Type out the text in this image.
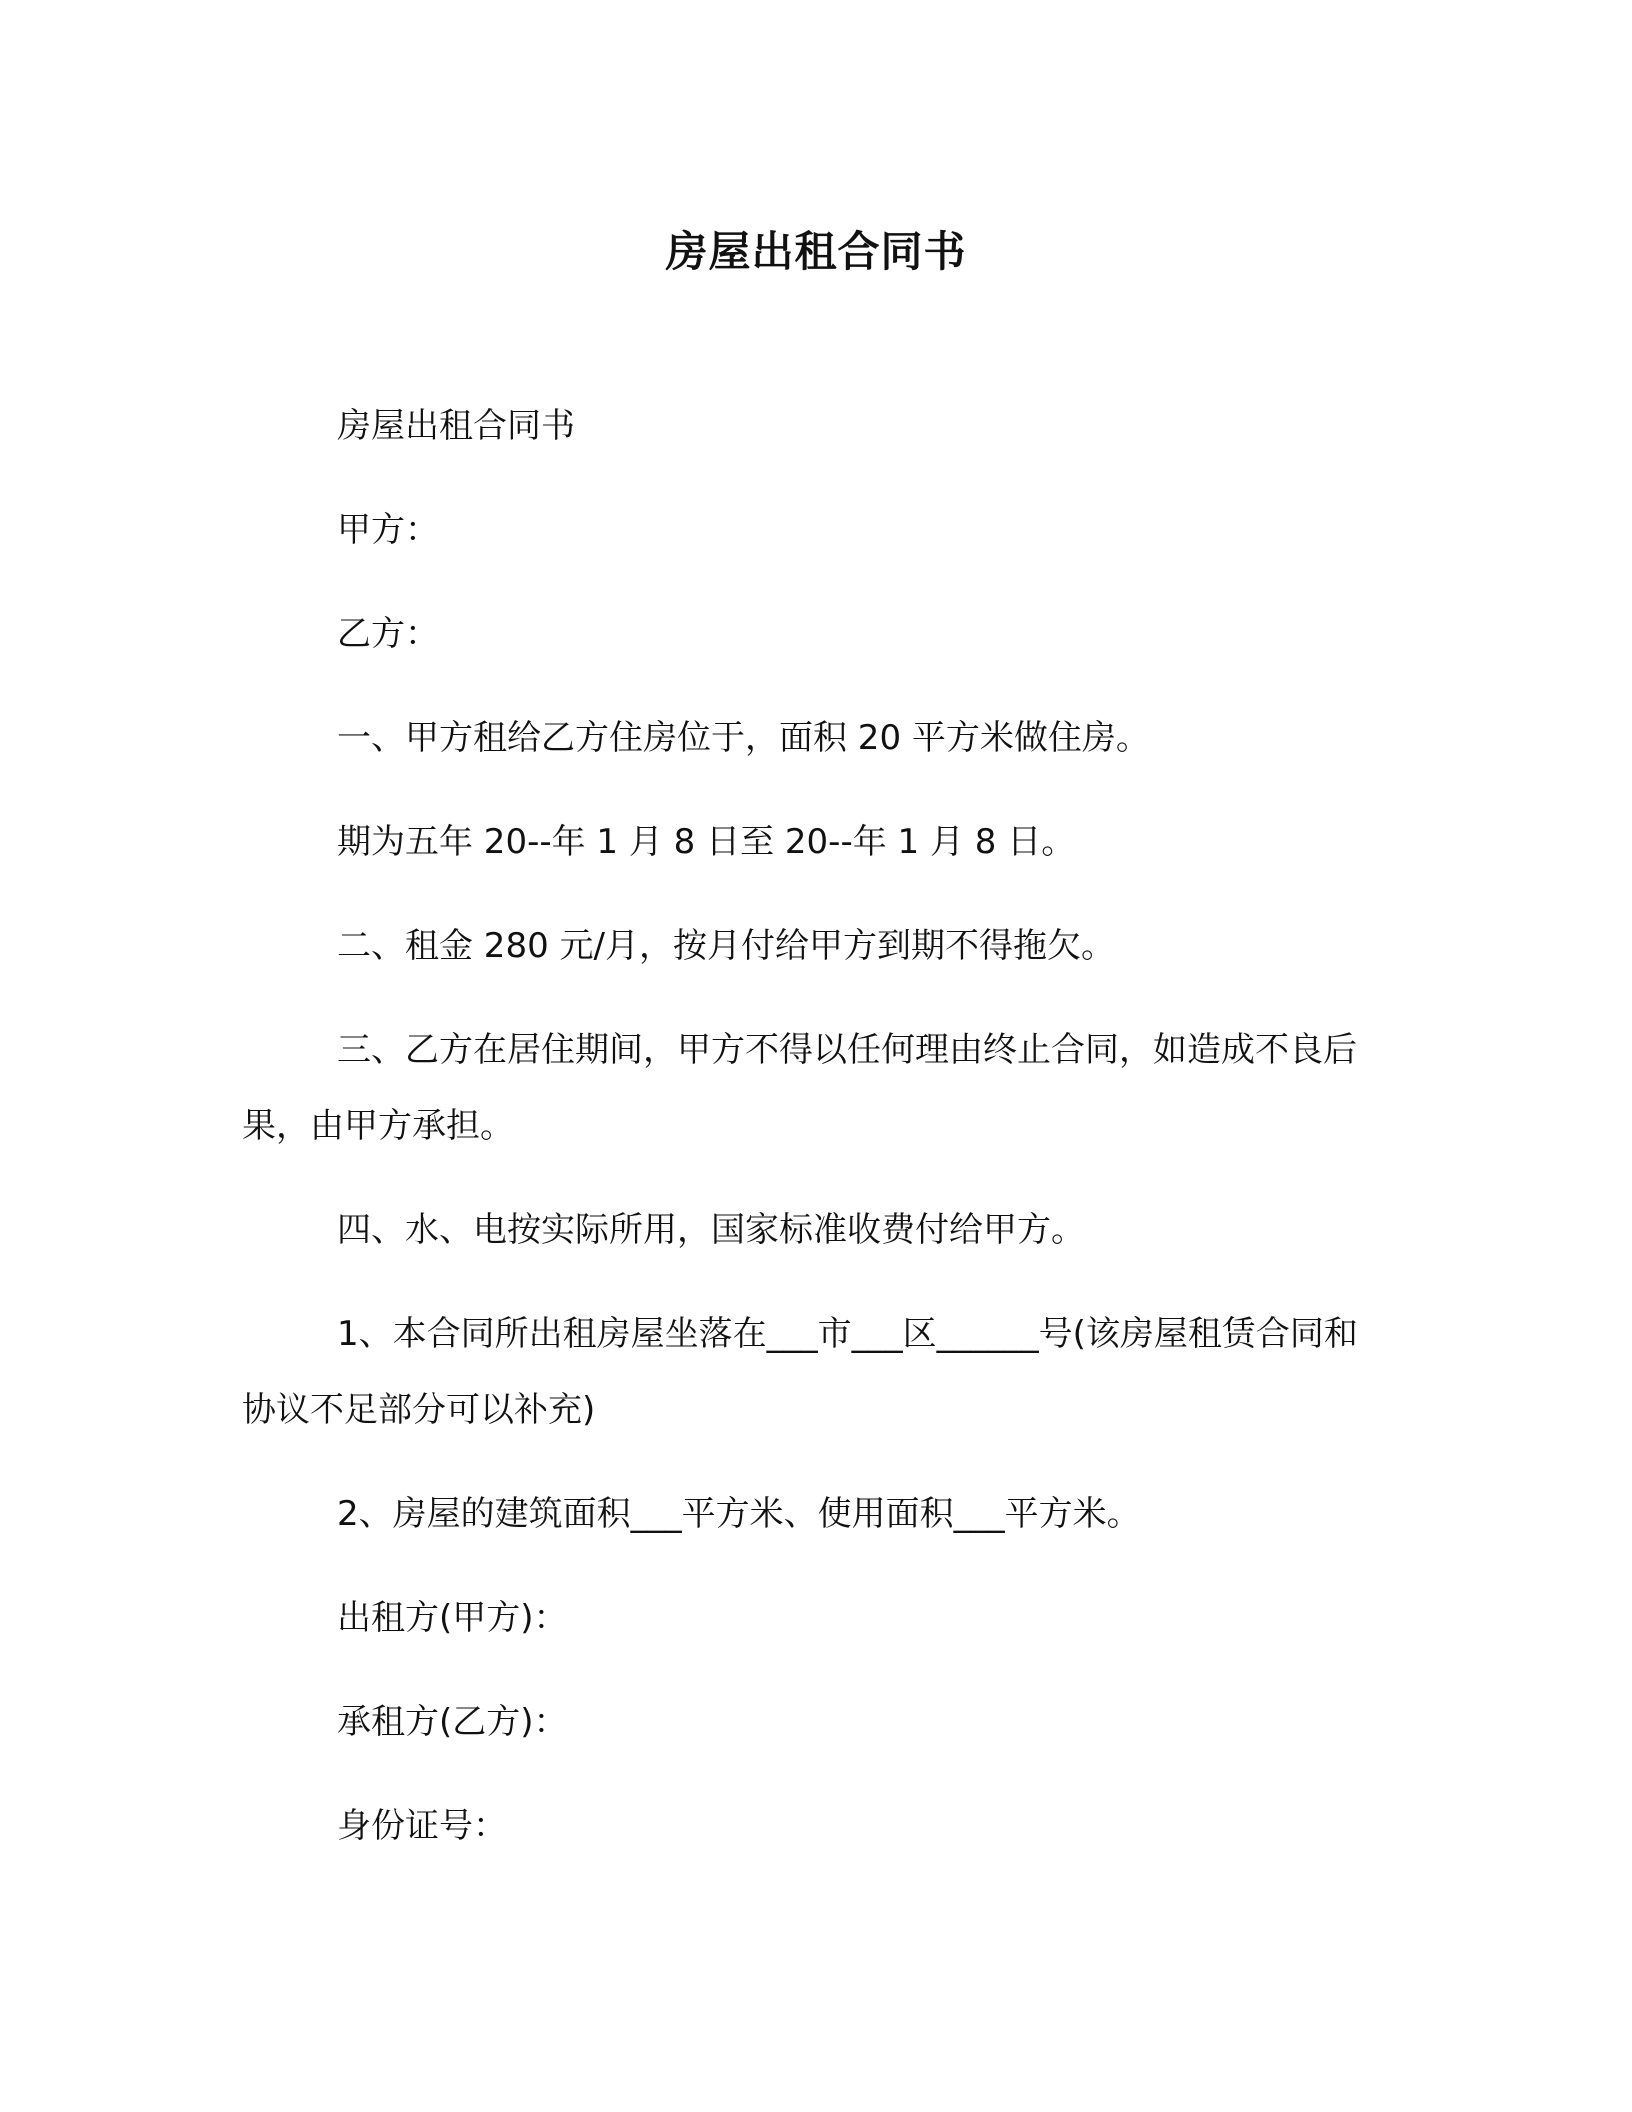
房屋出租合同书

房屋出租合同书

甲方：

乙方：

一、甲方租给乙方住房位于，面积 20 平方米做住房。

期为五年 20--年 1 月 8 日至 20--年 1 月 8 日。

二、租金 280 元/月，按月付给甲方到期不得拖欠。

三、乙方在居住期间，甲方不得以任何理由终止合同，如造成不良后果，由甲方承担。

四、水、电按实际所用，国家标准收费付给甲方。

1、本合同所出租房屋坐落在___市___区______号(该房屋租赁合同和协议不足部分可以补充)

2、房屋的建筑面积___平方米、使用面积___平方米。

出租方(甲方)：

承租方(乙方)：

身份证号：
